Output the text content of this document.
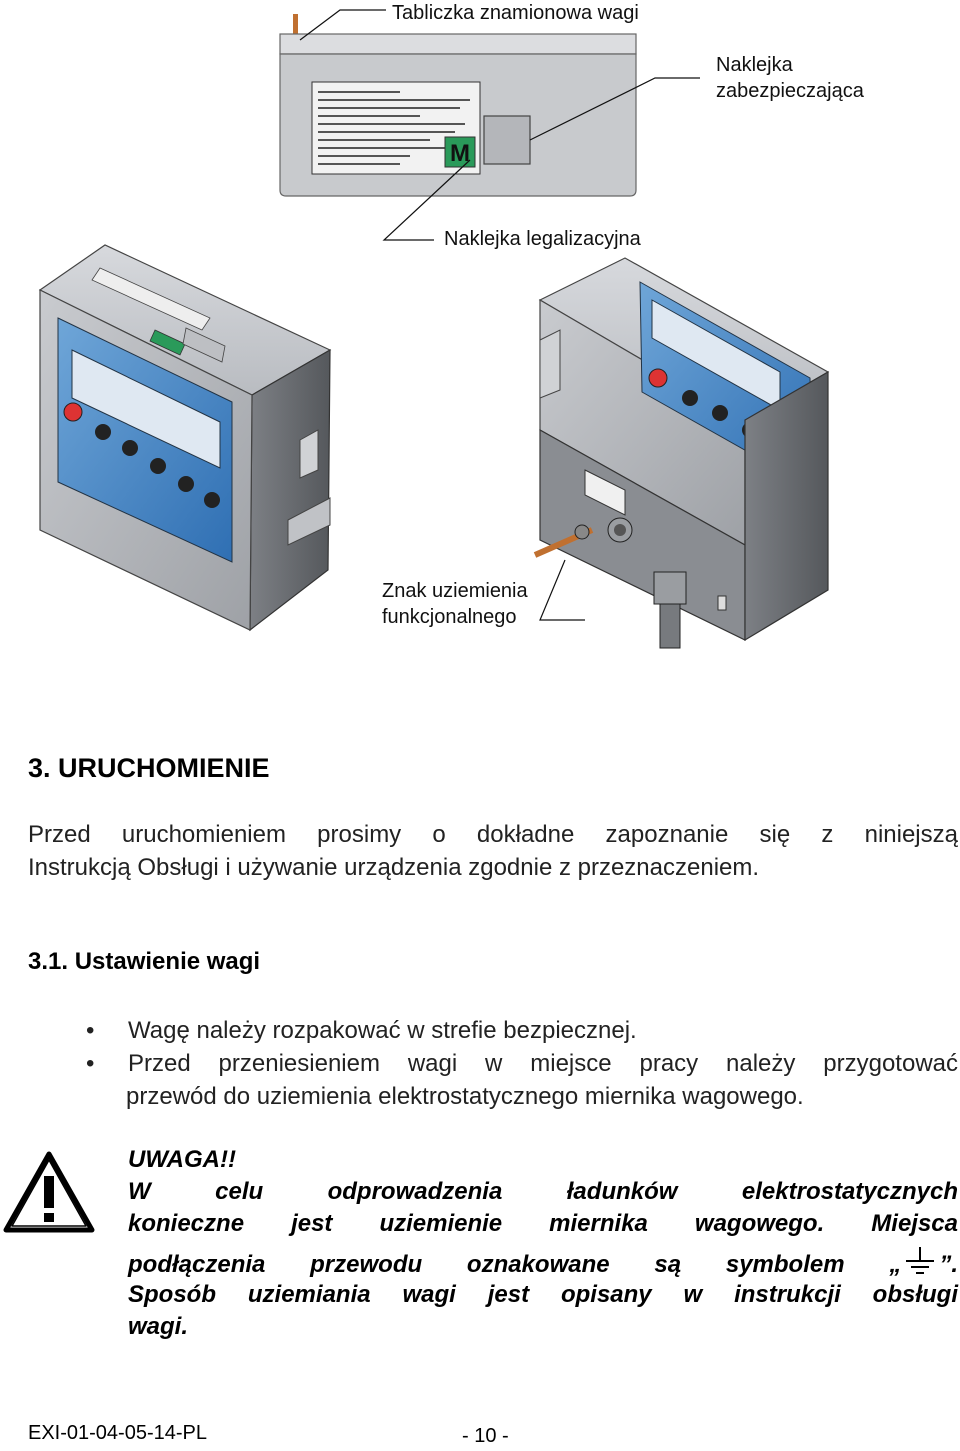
M
Tabliczka znamionowa wagi
Naklejka
zabezpieczająca
Naklejka legalizacyjna
Znak uziemienia
funkcjonalnego
3. URUCHOMIENIE
Przed uruchomieniem prosimy o dokładne zapoznanie się z niniejszą
Instrukcją Obsługi i używanie urządzenia zgodnie z przeznaczeniem.
3.1. Ustawienie wagi
• Wagę należy rozpakować w strefie bezpiecznej.
• Przed przeniesieniem wagi w miejsce pracy należy przygotować
przewód do uziemienia elektrostatycznego miernika wagowego.
UWAGA!!
W celu odprowadzenia ładunków elektrostatycznych
konieczne jest uziemienie miernika wagowego. Miejsca
podłączenia przewodu oznakowane są symbolem „ ”.
Sposób uziemiania wagi jest opisany w instrukcji obsługi
wagi.
EXI-01-04-05-14-PL	- 10 -
